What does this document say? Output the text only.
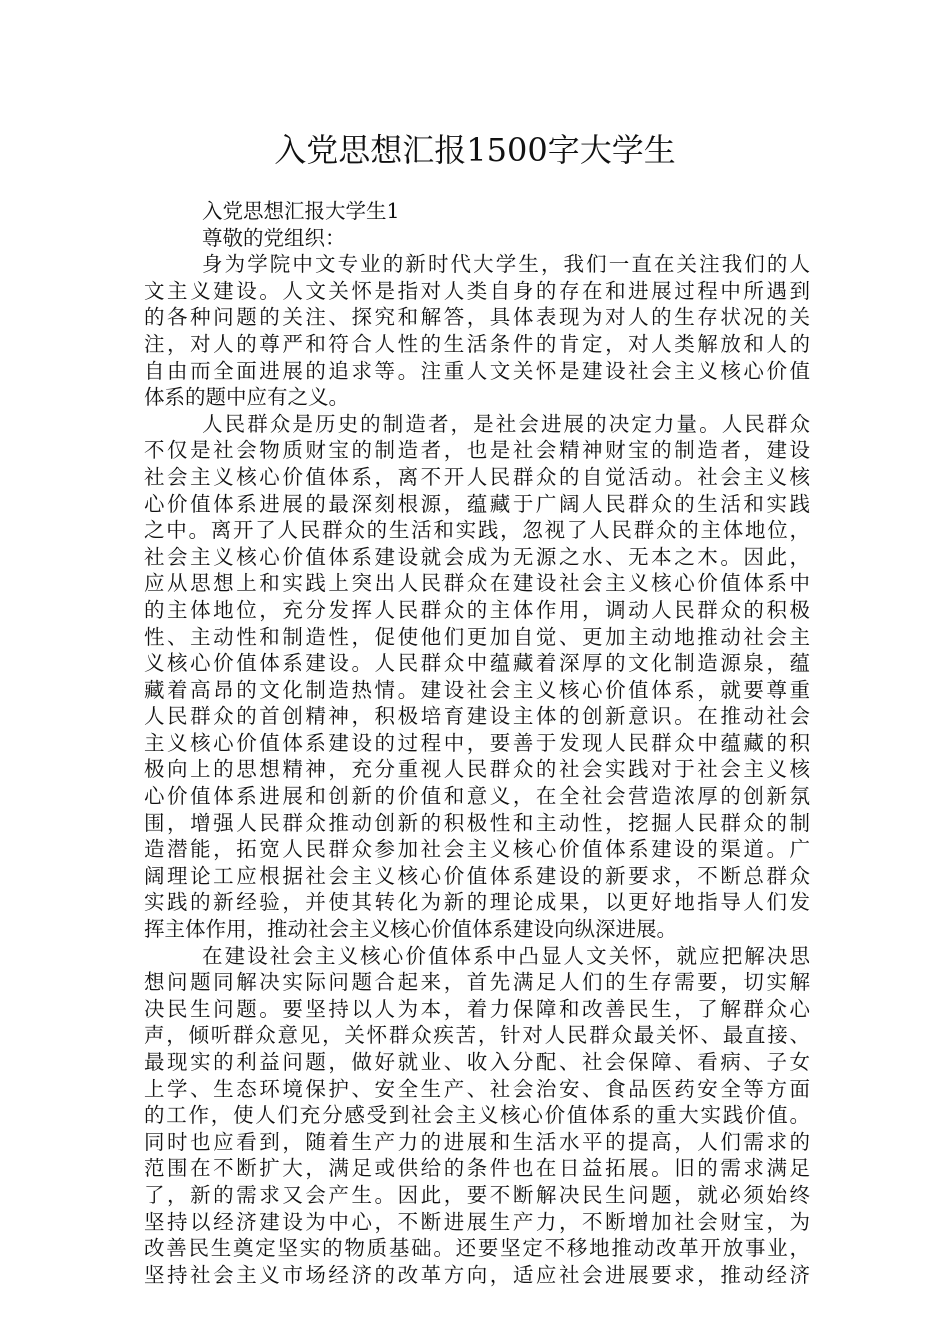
入党思想汇报1500字大学生

入党思想汇报大学生1

尊敬的党组织：

身为学院中文专业的新时代大学生，我们一直在关注我们的人

文主义建设。人文关怀是指对人类自身的存在和进展过程中所遇到

的各种问题的关注、探究和解答，具体表现为对人的生存状况的关

注，对人的尊严和符合人性的生活条件的肯定，对人类解放和人的

自由而全面进展的追求等。注重人文关怀是建设社会主义核心价值

体系的题中应有之义。

人民群众是历史的制造者，是社会进展的决定力量。人民群众

不仅是社会物质财宝的制造者，也是社会精神财宝的制造者，建设

社会主义核心价值体系，离不开人民群众的自觉活动。社会主义核

心价值体系进展的最深刻根源，蕴藏于广阔人民群众的生活和实践

之中。离开了人民群众的生活和实践，忽视了人民群众的主体地位，

社会主义核心价值体系建设就会成为无源之水、无本之木。因此，

应从思想上和实践上突出人民群众在建设社会主义核心价值体系中

的主体地位，充分发挥人民群众的主体作用，调动人民群众的积极

性、主动性和制造性，促使他们更加自觉、更加主动地推动社会主

义核心价值体系建设。人民群众中蕴藏着深厚的文化制造源泉，蕴

藏着高昂的文化制造热情。建设社会主义核心价值体系，就要尊重

人民群众的首创精神，积极培育建设主体的创新意识。在推动社会

主义核心价值体系建设的过程中，要善于发现人民群众中蕴藏的积

极向上的思想精神，充分重视人民群众的社会实践对于社会主义核

心价值体系进展和创新的价值和意义，在全社会营造浓厚的创新氛

围，增强人民群众推动创新的积极性和主动性，挖掘人民群众的制

造潜能，拓宽人民群众参加社会主义核心价值体系建设的渠道。广

阔理论工应根据社会主义核心价值体系建设的新要求，不断总群众

实践的新经验，并使其转化为新的理论成果，以更好地指导人们发

挥主体作用，推动社会主义核心价值体系建设向纵深进展。

在建设社会主义核心价值体系中凸显人文关怀，就应把解决思

想问题同解决实际问题合起来，首先满足人们的生存需要，切实解

决民生问题。要坚持以人为本，着力保障和改善民生，了解群众心

声，倾听群众意见，关怀群众疾苦，针对人民群众最关怀、最直接、

最现实的利益问题，做好就业、收入分配、社会保障、看病、子女

上学、生态环境保护、安全生产、社会治安、食品医药安全等方面

的工作，使人们充分感受到社会主义核心价值体系的重大实践价值。

同时也应看到，随着生产力的进展和生活水平的提高，人们需求的

范围在不断扩大，满足或供给的条件也在日益拓展。旧的需求满足

了，新的需求又会产生。因此，要不断解决民生问题，就必须始终

坚持以经济建设为中心，不断进展生产力，不断增加社会财宝，为

改善民生奠定坚实的物质基础。还要坚定不移地推动改革开放事业，

坚持社会主义市场经济的改革方向，适应社会进展要求，推动经济
